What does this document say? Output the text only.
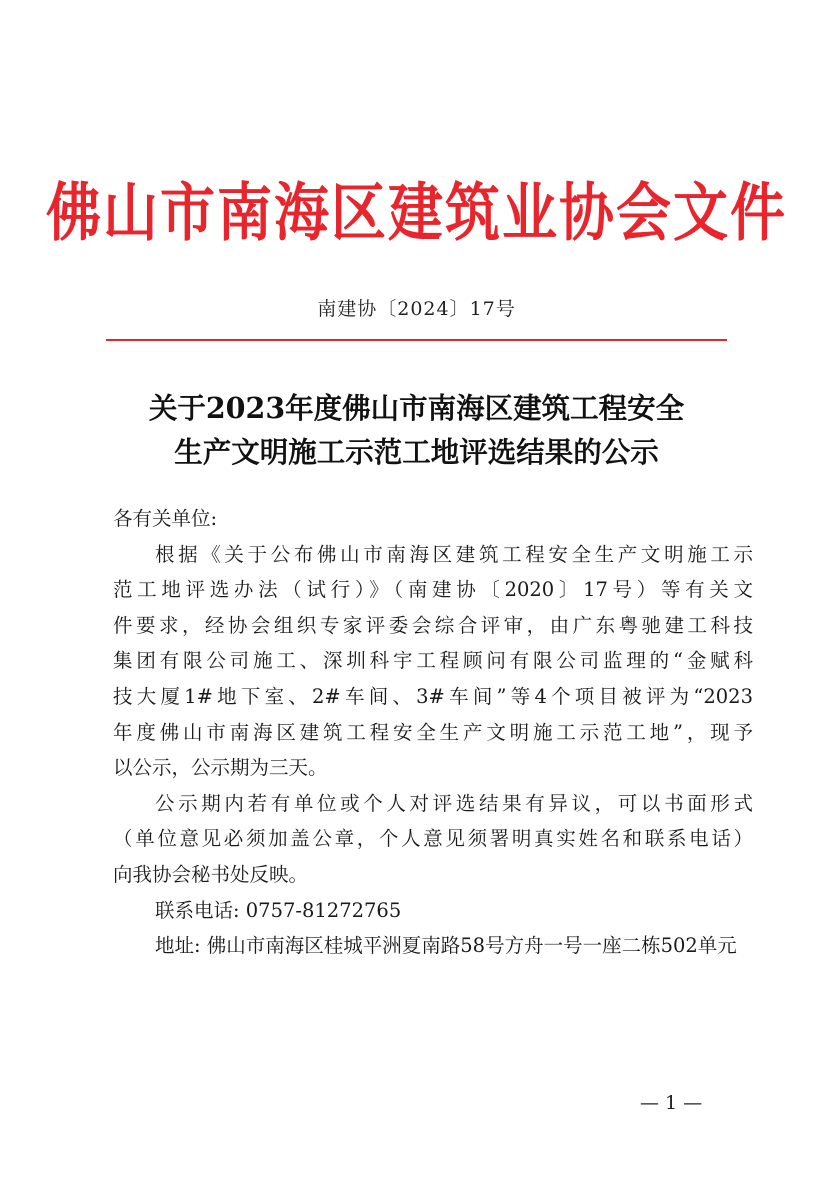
佛山市南海区建筑业协会文件
南建协〔2024〕17号
关于2023年度佛山市南海区建筑工程安全
生产文明施工示范工地评选结果的公示
各有关单位:
根据《关于公布佛山市南海区建筑工程安全生产文明施工示
范工地评选办法（试行）》（南建协〔2020〕17号）等有关文
件要求，经协会组织专家评委会综合评审，由广东粤驰建工科技
集团有限公司施工、深圳科宇工程顾问有限公司监理的“金赋科
技大厦1#地下室、2#车间、3#车间”等4个项目被评为“2023
年度佛山市南海区建筑工程安全生产文明施工示范工地”，现予
以公示，公示期为三天。
公示期内若有单位或个人对评选结果有异议，可以书面形式
（单位意见必须加盖公章，个人意见须署明真实姓名和联系电话）
向我协会秘书处反映。
联系电话: 0757-81272765
地址: 佛山市南海区桂城平洲夏南路58号方舟一号一座二栋502单元
— 1 —
